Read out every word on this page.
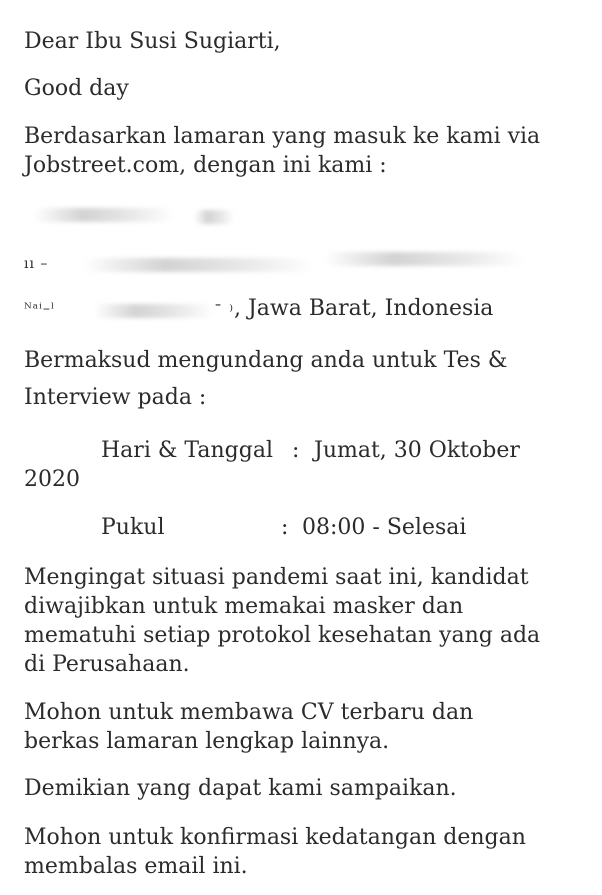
Dear Ibu Susi Sugiarti,
Good day
Berdasarkan lamaran yang masuk ke kami via
Jobstreet.com, dengan ini kami :
ıı –
ᴺᵃⁱ–ˡ	ˉ ⁾ , Jawa Barat, Indonesia
Bermaksud mengundang anda untuk Tes &
Interview pada :
Hari & Tanggal : Jumat, 30 Oktober
2020
Pukul	: 08:00 - Selesai
Mengingat situasi pandemi saat ini, kandidat
diwajibkan untuk memakai masker dan
mematuhi setiap protokol kesehatan yang ada
di Perusahaan.
Mohon untuk membawa CV terbaru dan
berkas lamaran lengkap lainnya.
Demikian yang dapat kami sampaikan.
Mohon untuk konfirmasi kedatangan dengan
membalas email ini.
